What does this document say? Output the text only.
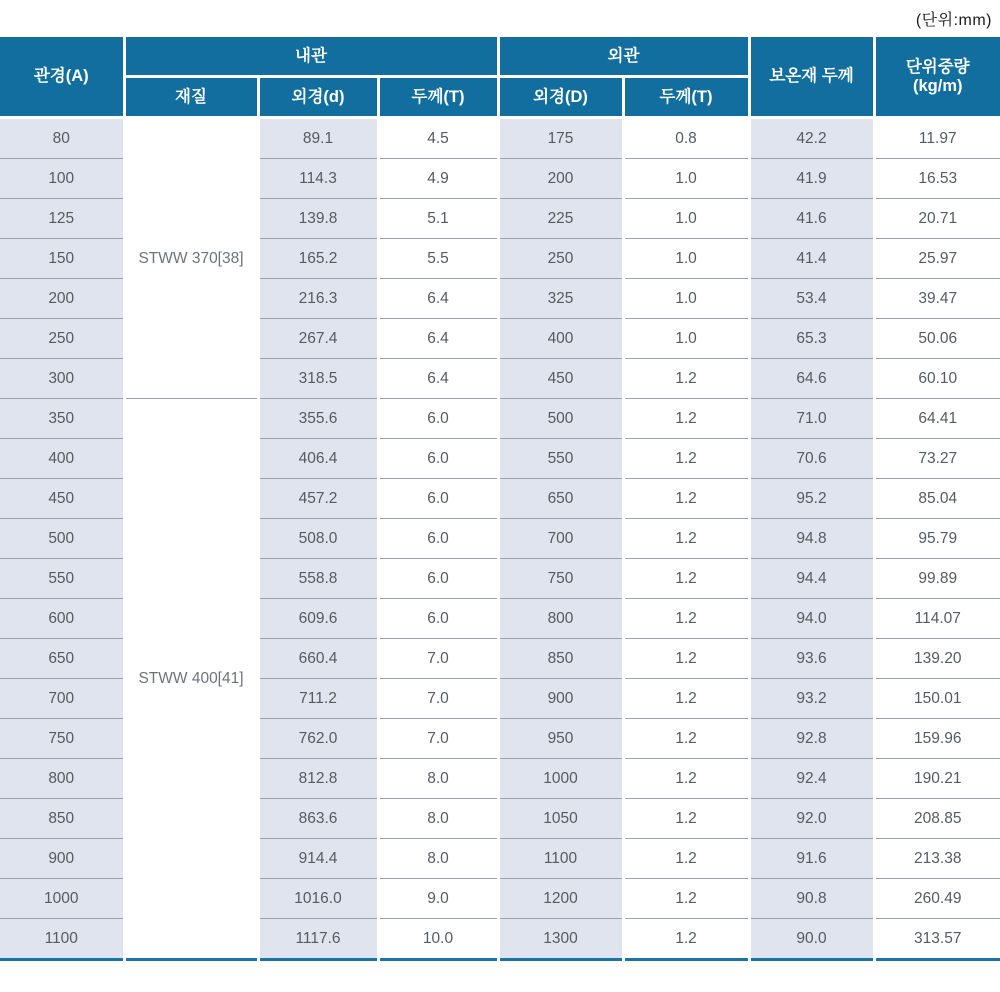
(단위:mm)
관경(A)	내관			외관		보온재 두께	단위중량
(kg/m)
	재질	외경(d)	두께(T)	외경(D)	두께(T)		
80	STWW 370[38]	89.1	4.5	175	0.8	42.2	11.97
100		114.3	4.9	200	1.0	41.9	16.53
125		139.8	5.1	225	1.0	41.6	20.71
150		165.2	5.5	250	1.0	41.4	25.97
200		216.3	6.4	325	1.0	53.4	39.47
250		267.4	6.4	400	1.0	65.3	50.06
300		318.5	6.4	450	1.2	64.6	60.10
350	STWW 400[41]	355.6	6.0	500	1.2	71.0	64.41
400		406.4	6.0	550	1.2	70.6	73.27
450		457.2	6.0	650	1.2	95.2	85.04
500		508.0	6.0	700	1.2	94.8	95.79
550		558.8	6.0	750	1.2	94.4	99.89
600		609.6	6.0	800	1.2	94.0	114.07
650		660.4	7.0	850	1.2	93.6	139.20
700		711.2	7.0	900	1.2	93.2	150.01
750		762.0	7.0	950	1.2	92.8	159.96
800		812.8	8.0	1000	1.2	92.4	190.21
850		863.6	8.0	1050	1.2	92.0	208.85
900		914.4	8.0	1100	1.2	91.6	213.38
1000		1016.0	9.0	1200	1.2	90.8	260.49
1100		1117.6	10.0	1300	1.2	90.0	313.57
